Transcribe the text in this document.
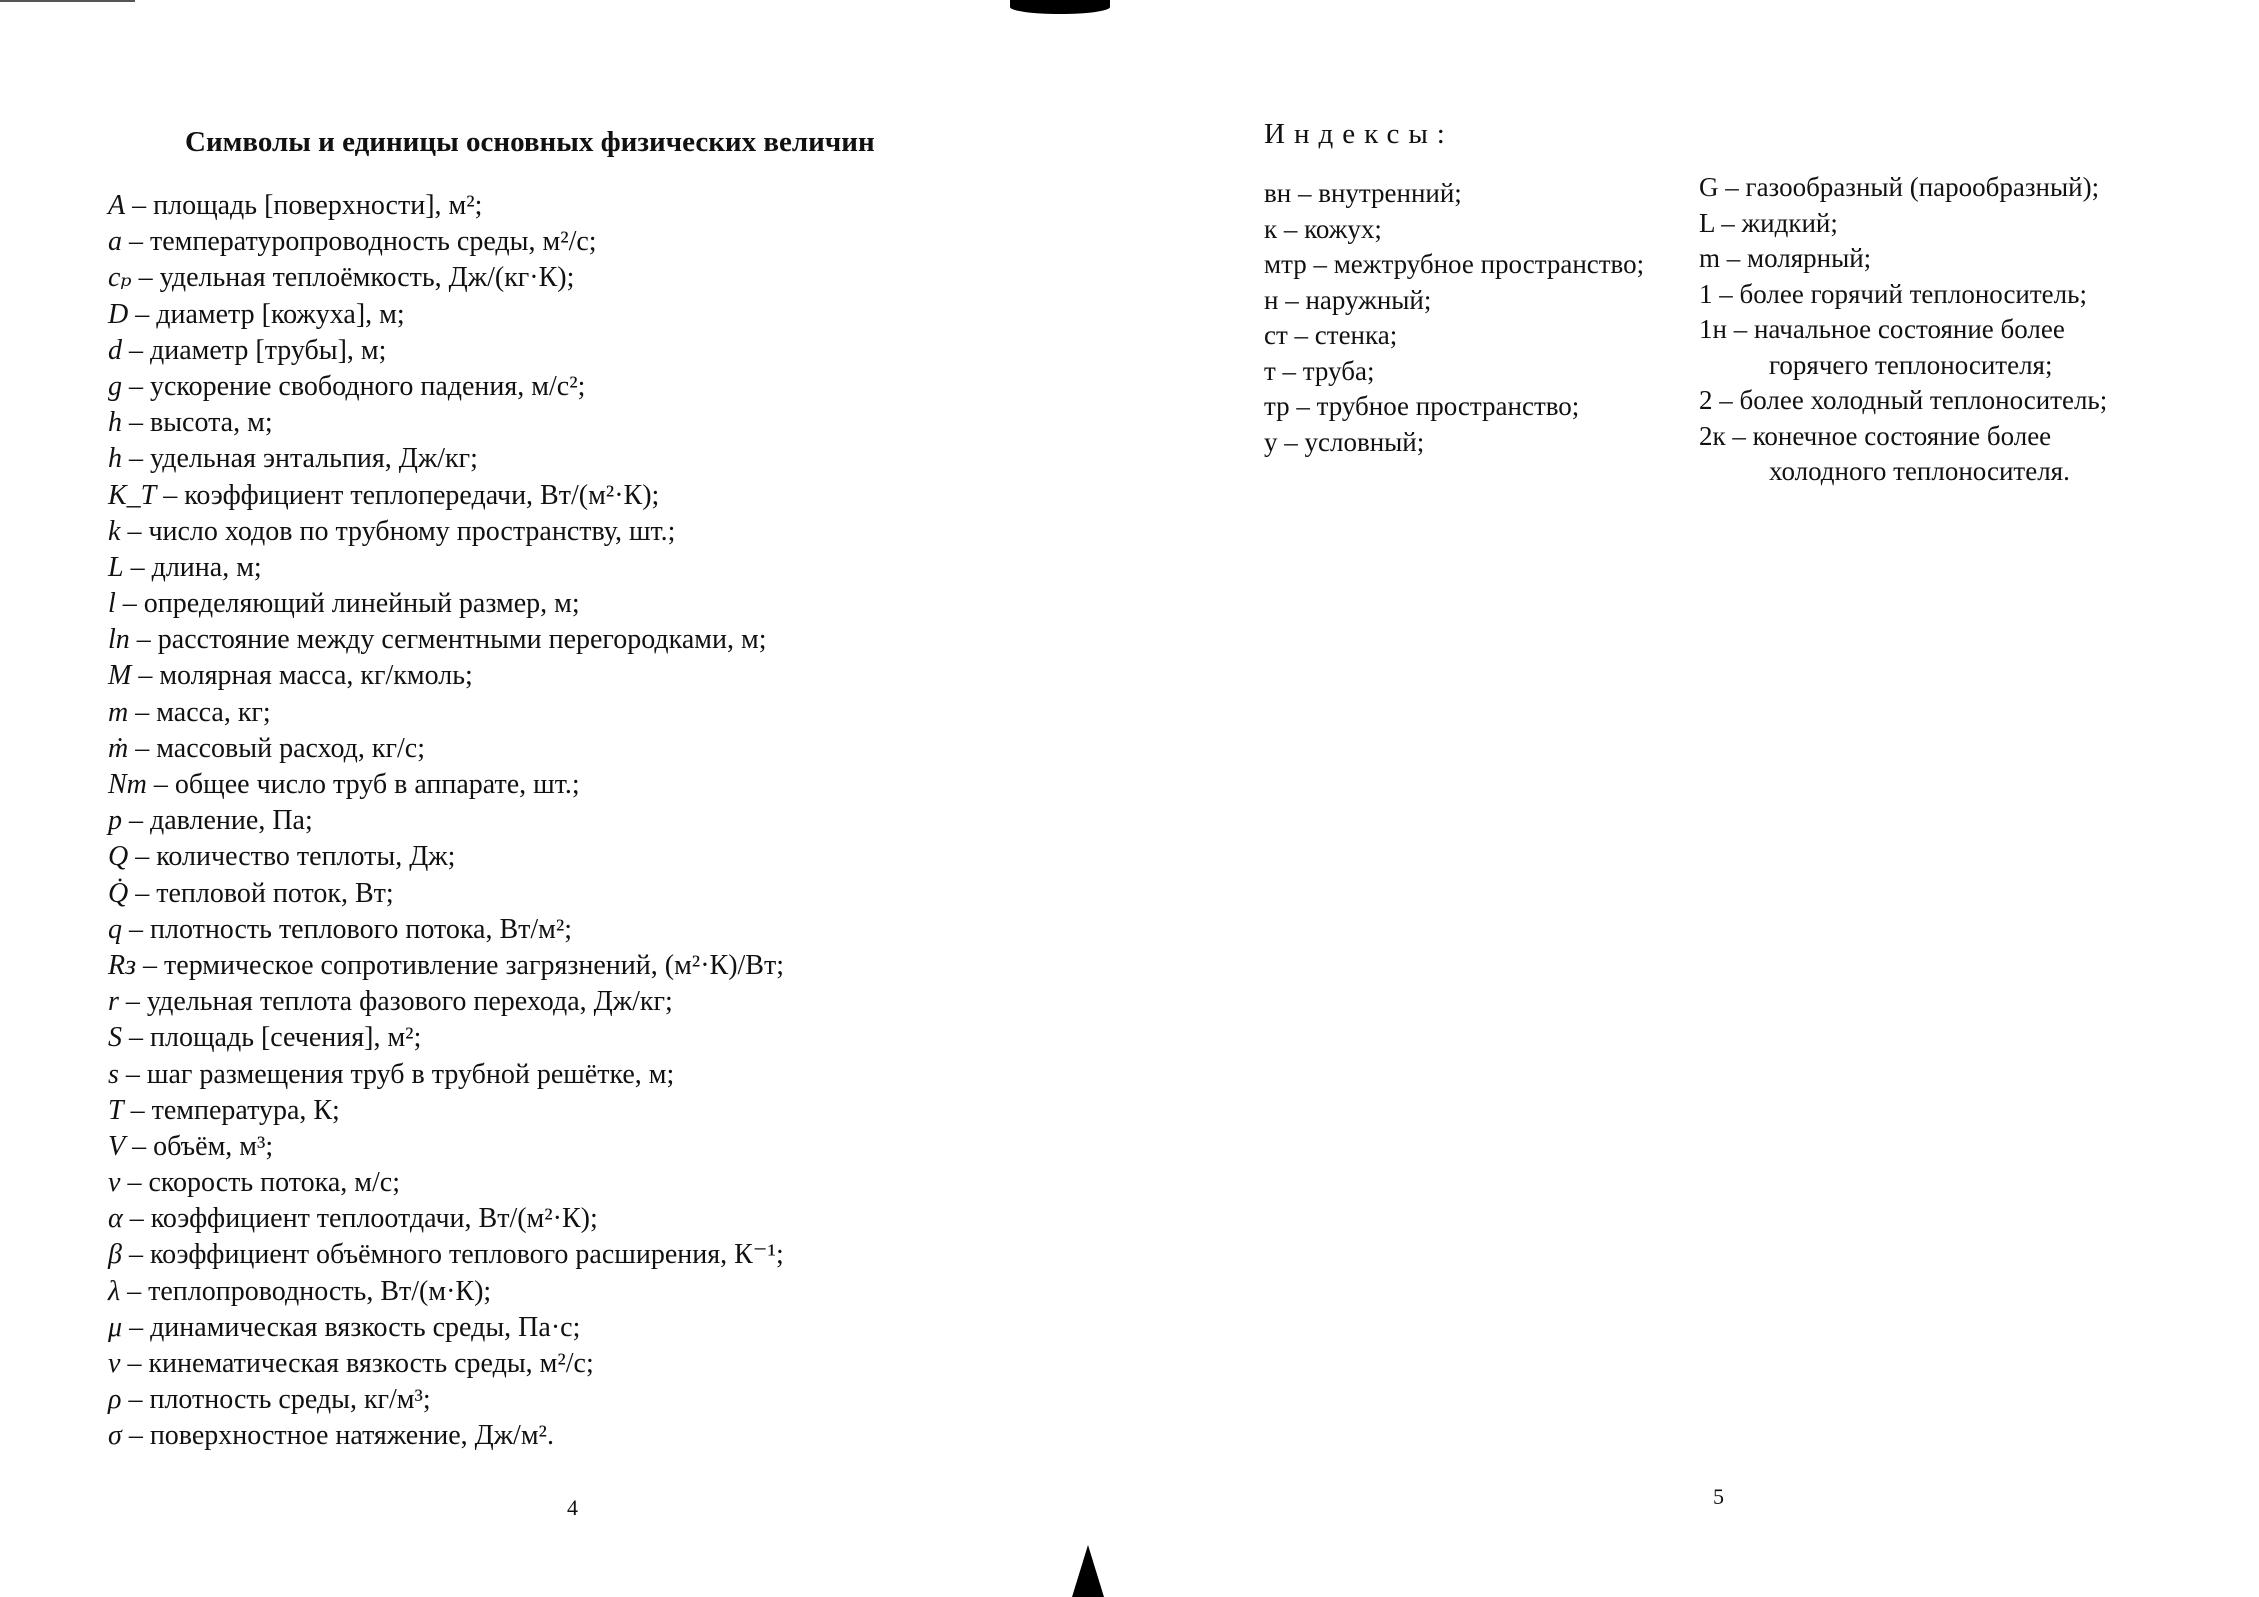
Символы и единицы основных физических величин
A – площадь [поверхности], м²;
a – температуропроводность среды, м²/с;
cₚ – удельная теплоёмкость, Дж/(кг·К);
D – диаметр [кожуха], м;
d – диаметр [трубы], м;
g – ускорение свободного падения, м/с²;
h – высота, м;
h – удельная энтальпия, Дж/кг;
K_T – коэффициент теплопередачи, Вт/(м²·К);
k – число ходов по трубному пространству, шт.;
L – длина, м;
l – определяющий линейный размер, м;
lп – расстояние между сегментными перегородками, м;
M – молярная масса, кг/кмоль;
m – масса, кг;
ṁ – массовый расход, кг/с;
Nт – общее число труб в аппарате, шт.;
p – давление, Па;
Q – количество теплоты, Дж;
Q̇ – тепловой поток, Вт;
q – плотность теплового потока, Вт/м²;
Rз – термическое сопротивление загрязнений, (м²·К)/Вт;
r – удельная теплота фазового перехода, Дж/кг;
S – площадь [сечения], м²;
s – шаг размещения труб в трубной решётке, м;
T – температура, К;
V – объём, м³;
v – скорость потока, м/с;
α – коэффициент теплоотдачи, Вт/(м²·К);
β – коэффициент объёмного теплового расширения, К⁻¹;
λ – теплопроводность, Вт/(м·К);
μ – динамическая вязкость среды, Па·с;
ν – кинематическая вязкость среды, м²/с;
ρ – плотность среды, кг/м³;
σ – поверхностное натяжение, Дж/м².
4
Индексы:
вн – внутренний;
к – кожух;
мтр – межтрубное пространство;
н – наружный;
ст – стенка;
т – труба;
тр – трубное пространство;
у – условный;
G – газообразный (парообразный);
L – жидкий;
m – молярный;
1 – более горячий теплоноситель;
1н – начальное состояние более
горячего теплоносителя;
2 – более холодный теплоноситель;
2к – конечное состояние более
холодного теплоносителя.
5
